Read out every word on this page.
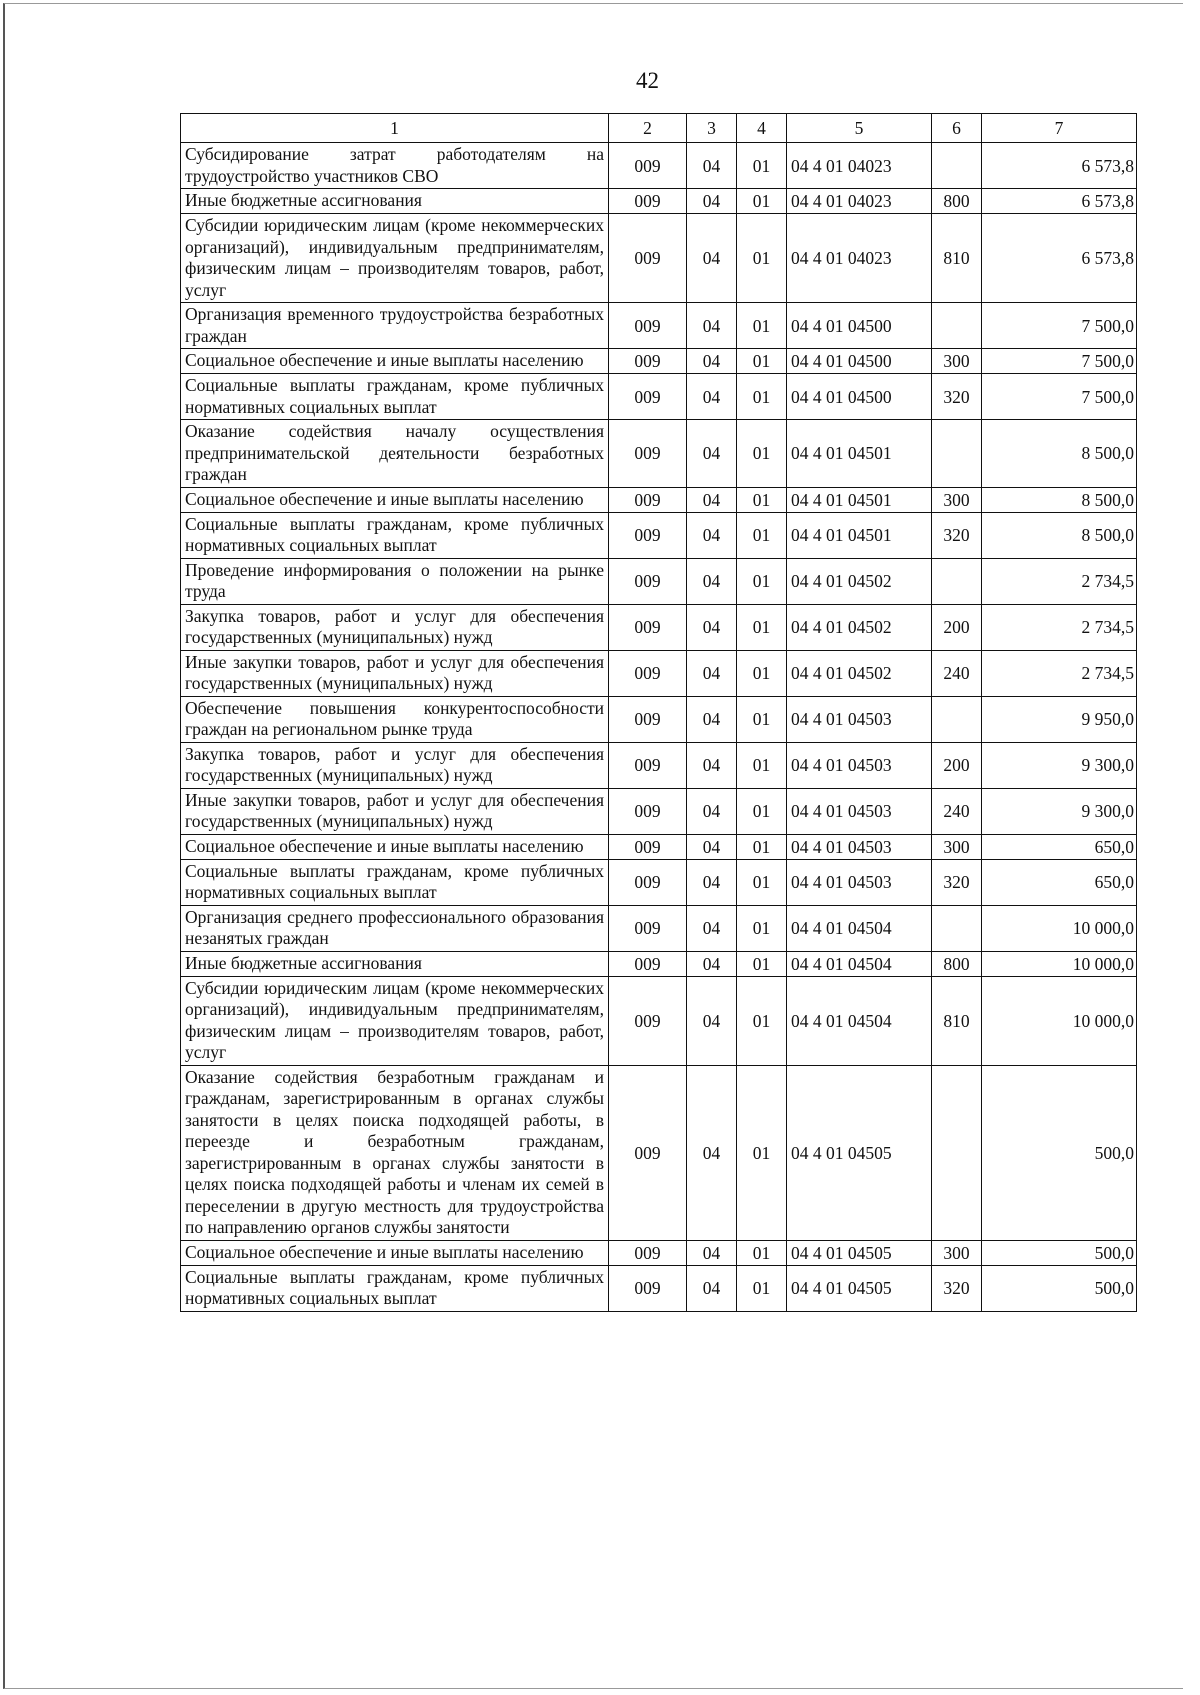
42
1	2	3	4	5	6	7
Субсидирование затрат работодателям на трудоустройство участников СВО	009	04	01	04 4 01 04023		6 573,8
Иные бюджетные ассигнования	009	04	01	04 4 01 04023	800	6 573,8
Субсидии юридическим лицам (кроме некоммерческих организаций), индивидуальным предпринимателям, физическим лицам – производителям товаров, работ, услуг	009	04	01	04 4 01 04023	810	6 573,8
Организация временного трудоустройства безработных граждан	009	04	01	04 4 01 04500		7 500,0
Социальное обеспечение и иные выплаты населению	009	04	01	04 4 01 04500	300	7 500,0
Социальные выплаты гражданам, кроме публичных нормативных социальных выплат	009	04	01	04 4 01 04500	320	7 500,0
Оказание содействия началу осуществления предпринимательской деятельности безработных граждан	009	04	01	04 4 01 04501		8 500,0
Социальное обеспечение и иные выплаты населению	009	04	01	04 4 01 04501	300	8 500,0
Социальные выплаты гражданам, кроме публичных нормативных социальных выплат	009	04	01	04 4 01 04501	320	8 500,0
Проведение информирования о положении на рынке труда	009	04	01	04 4 01 04502		2 734,5
Закупка товаров, работ и услуг для обеспечения государственных (муниципальных) нужд	009	04	01	04 4 01 04502	200	2 734,5
Иные закупки товаров, работ и услуг для обеспечения государственных (муниципальных) нужд	009	04	01	04 4 01 04502	240	2 734,5
Обеспечение повышения конкурентоспособности граждан на региональном рынке труда	009	04	01	04 4 01 04503		9 950,0
Закупка товаров, работ и услуг для обеспечения государственных (муниципальных) нужд	009	04	01	04 4 01 04503	200	9 300,0
Иные закупки товаров, работ и услуг для обеспечения государственных (муниципальных) нужд	009	04	01	04 4 01 04503	240	9 300,0
Социальное обеспечение и иные выплаты населению	009	04	01	04 4 01 04503	300	650,0
Социальные выплаты гражданам, кроме публичных нормативных социальных выплат	009	04	01	04 4 01 04503	320	650,0
Организация среднего профессионального образования незанятых граждан	009	04	01	04 4 01 04504		10 000,0
Иные бюджетные ассигнования	009	04	01	04 4 01 04504	800	10 000,0
Субсидии юридическим лицам (кроме некоммерческих организаций), индивидуальным предпринимателям, физическим лицам – производителям товаров, работ, услуг	009	04	01	04 4 01 04504	810	10 000,0
Оказание содействия безработным гражданам и гражданам, зарегистрированным в органах службы занятости в целях поиска подходящей работы, в переезде и безработным гражданам, зарегистрированным в органах службы занятости в целях поиска подходящей работы и членам их семей в переселении в другую местность для трудоустройства по направлению органов службы занятости	009	04	01	04 4 01 04505		500,0
Социальное обеспечение и иные выплаты населению	009	04	01	04 4 01 04505	300	500,0
Социальные выплаты гражданам, кроме публичных нормативных социальных выплат	009	04	01	04 4 01 04505	320	500,0
